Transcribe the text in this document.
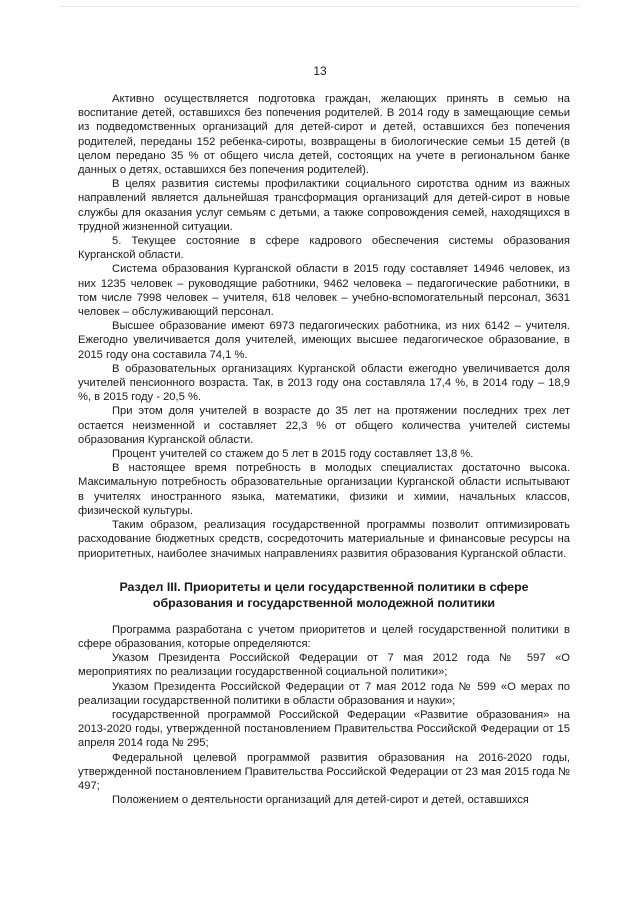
13

Активно осуществляется подготовка граждан, желающих принять в семью на воспитание детей, оставшихся без попечения родителей. В 2014 году в замещающие семьи из подведомственных организаций для детей-сирот и детей, оставшихся без попечения родителей, переданы 152 ребенка-сироты, возвращены в биологические семьи 15 детей (в целом передано 35 % от общего числа детей, состоящих на учете в региональном банке данных о детях, оставшихся без попечения родителей).

В целях развития системы профилактики социального сиротства одним из важных направлений является дальнейшая трансформация организаций для детей-сирот в новые службы для оказания услуг семьям с детьми, а также сопровождения семей, находящихся в трудной жизненной ситуации.

5. Текущее состояние в сфере кадрового обеспечения системы образования Курганской области.

Система образования Курганской области в 2015 году составляет 14946 человек, из них 1235 человек – руководящие работники, 9462 человека – педагогические работники, в том числе 7998 человек – учителя, 618 человек – учебно-вспомогательный персонал, 3631 человек – обслуживающий персонал.

Высшее образование имеют 6973 педагогических работника, из них 6142 – учителя. Ежегодно увеличивается доля учителей, имеющих высшее педагогическое образование, в 2015 году она составила 74,1 %.

В образовательных организациях Курганской области ежегодно увеличивается доля учителей пенсионного возраста. Так, в 2013 году она составляла 17,4 %, в 2014 году – 18,9 %, в 2015 году - 20,5 %.

При этом доля учителей в возрасте до 35 лет на протяжении последних трех лет остается неизменной и составляет 22,3 % от общего количества учителей системы образования Курганской области.

Процент учителей со стажем до 5 лет в 2015 году составляет 13,8 %.

В настоящее время потребность в молодых специалистах достаточно высока. Максимальную потребность образовательные организации Курганской области испытывают в учителях иностранного языка, математики, физики и химии, начальных классов, физической культуры.

Таким образом, реализация государственной программы позволит оптимизировать расходование бюджетных средств, сосредоточить материальные и финансовые ресурсы на приоритетных, наиболее значимых направлениях развития образования Курганской области.

Раздел III. Приоритеты и цели государственной политики в сфере образования и государственной молодежной политики

Программа разработана с учетом приоритетов и целей государственной политики в сфере образования, которые определяются:

Указом Президента Российской Федерации от 7 мая 2012 года № 597 «О мероприятиях по реализации государственной социальной политики»;

Указом Президента Российской Федерации от 7 мая 2012 года № 599 «О мерах по реализации государственной политики в области образования и науки»;

государственной программой Российской Федерации «Развитие образования» на 2013-2020 годы, утвержденной постановлением Правительства Российской Федерации от 15 апреля 2014 года № 295;

Федеральной целевой программой развития образования на 2016-2020 годы, утвержденной постановлением Правительства Российской Федерации от 23 мая 2015 года № 497;

Положением о деятельности организаций для детей-сирот и детей, оставшихся
